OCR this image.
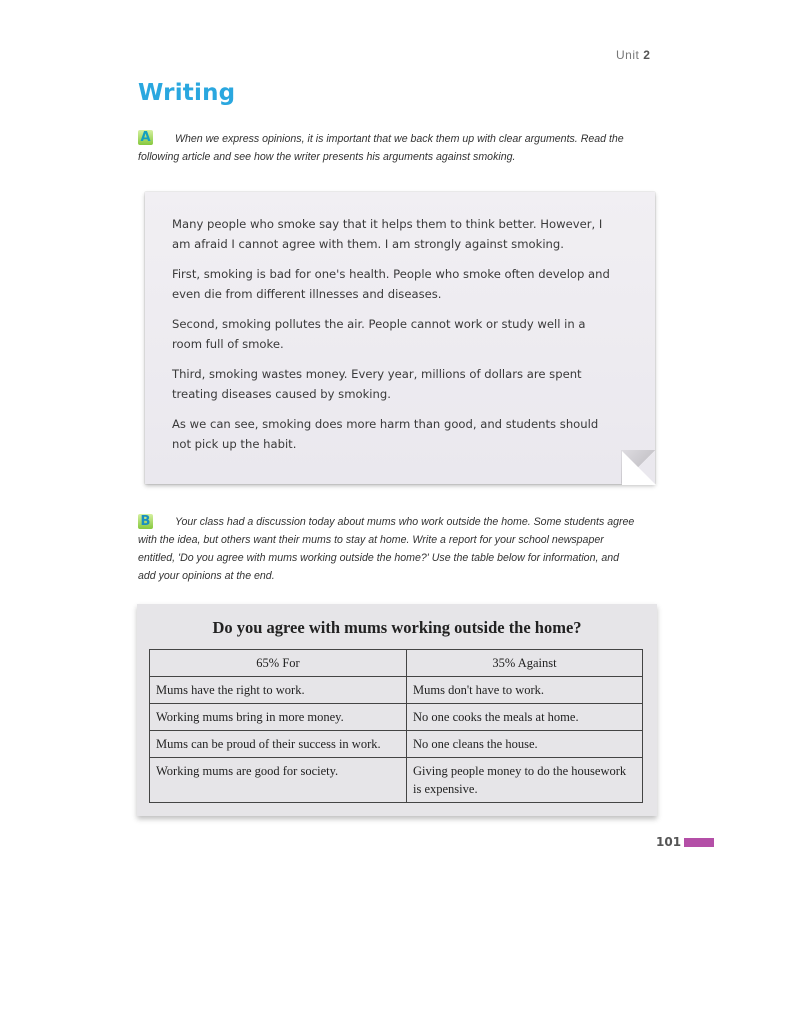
Unit 2
Writing
A	When we express opinions, it is important that we back them up with clear arguments. Read the following article and see how the writer presents his arguments against smoking.

Many people who smoke say that it helps them to think better. However, I am afraid I cannot agree with them. I am strongly against smoking.

First, smoking is bad for one's health. People who smoke often develop and even die from different illnesses and diseases.

Second, smoking pollutes the air. People cannot work or study well in a room full of smoke.

Third, smoking wastes money. Every year, millions of dollars are spent treating diseases caused by smoking.

As we can see, smoking does more harm than good, and students should not pick up the habit.

B	Your class had a discussion today about mums who work outside the home. Some students agree with the idea, but others want their mums to stay at home. Write a report for your school newspaper entitled, 'Do you agree with mums working outside the home?' Use the table below for information, and add your opinions at the end.

Do you agree with mums working outside the home?
65% For	35% Against
Mums have the right to work.	Mums don't have to work.
Working mums bring in more money.	No one cooks the meals at home.
Mums can be proud of their success in work.	No one cleans the house.
Working mums are good for society.	Giving people money to do the housework is expensive.
101
